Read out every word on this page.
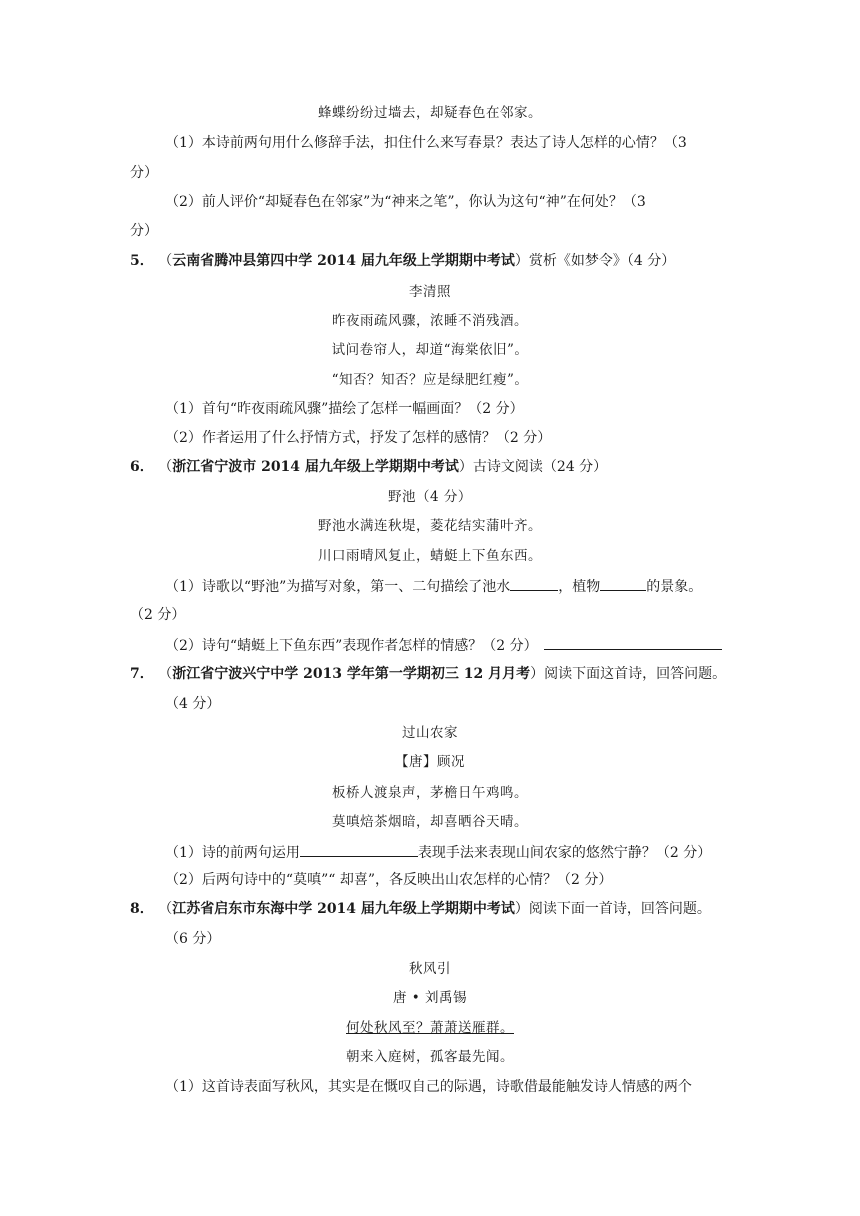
蜂蝶纷纷过墙去，却疑春色在邻家。
（1）本诗前两句用什么修辞手法，扣住什么来写春景？表达了诗人怎样的心情？（3
分）
（2）前人评价“却疑春色在邻家”为“神来之笔”，你认为这句“神”在何处？（3
分）
5． （云南省腾冲县第四中学 2014 届九年级上学期期中考试）赏析《如梦令》（4 分）
李清照
昨夜雨疏风骤，浓睡不消残酒。
试问卷帘人，却道“海棠依旧”。
“知否？知否？应是绿肥红瘦”。
（1）首句“昨夜雨疏风骤”描绘了怎样一幅画面？（2 分）
（2）作者运用了什么抒情方式，抒发了怎样的感情？（2 分）
6． （浙江省宁波市 2014 届九年级上学期期中考试）古诗文阅读（24 分）
野池（4 分）
野池水满连秋堤，菱花结实蒲叶齐。
川口雨晴风复止，蜻蜓上下鱼东西。
（1）诗歌以“野池”为描写对象，第一、二句描绘了池水	，植物	的景象。
（2 分）
（2）诗句“蜻蜓上下鱼东西”表现作者怎样的情感？（2 分）
7． （浙江省宁波兴宁中学 2013 学年第一学期初三 12 月月考）阅读下面这首诗，回答问题。
（4 分）
过山农家
【唐】顾况
板桥人渡泉声，茅檐日午鸡鸣。
莫嗔焙茶烟暗，却喜晒谷天晴。
（1）诗的前两句运用	表现手法来表现山间农家的悠然宁静？（2 分）
（2）后两句诗中的“莫嗔”“ 却喜”，各反映出山农怎样的心情？（2 分）
8． （江苏省启东市东海中学 2014 届九年级上学期期中考试）阅读下面一首诗，回答问题。
（6 分）
秋风引
唐 • 刘禹锡
何处秋风至？萧萧送雁群。
朝来入庭树，孤客最先闻。
（1）这首诗表面写秋风，其实是在慨叹自己的际遇，诗歌借最能触发诗人情感的两个
